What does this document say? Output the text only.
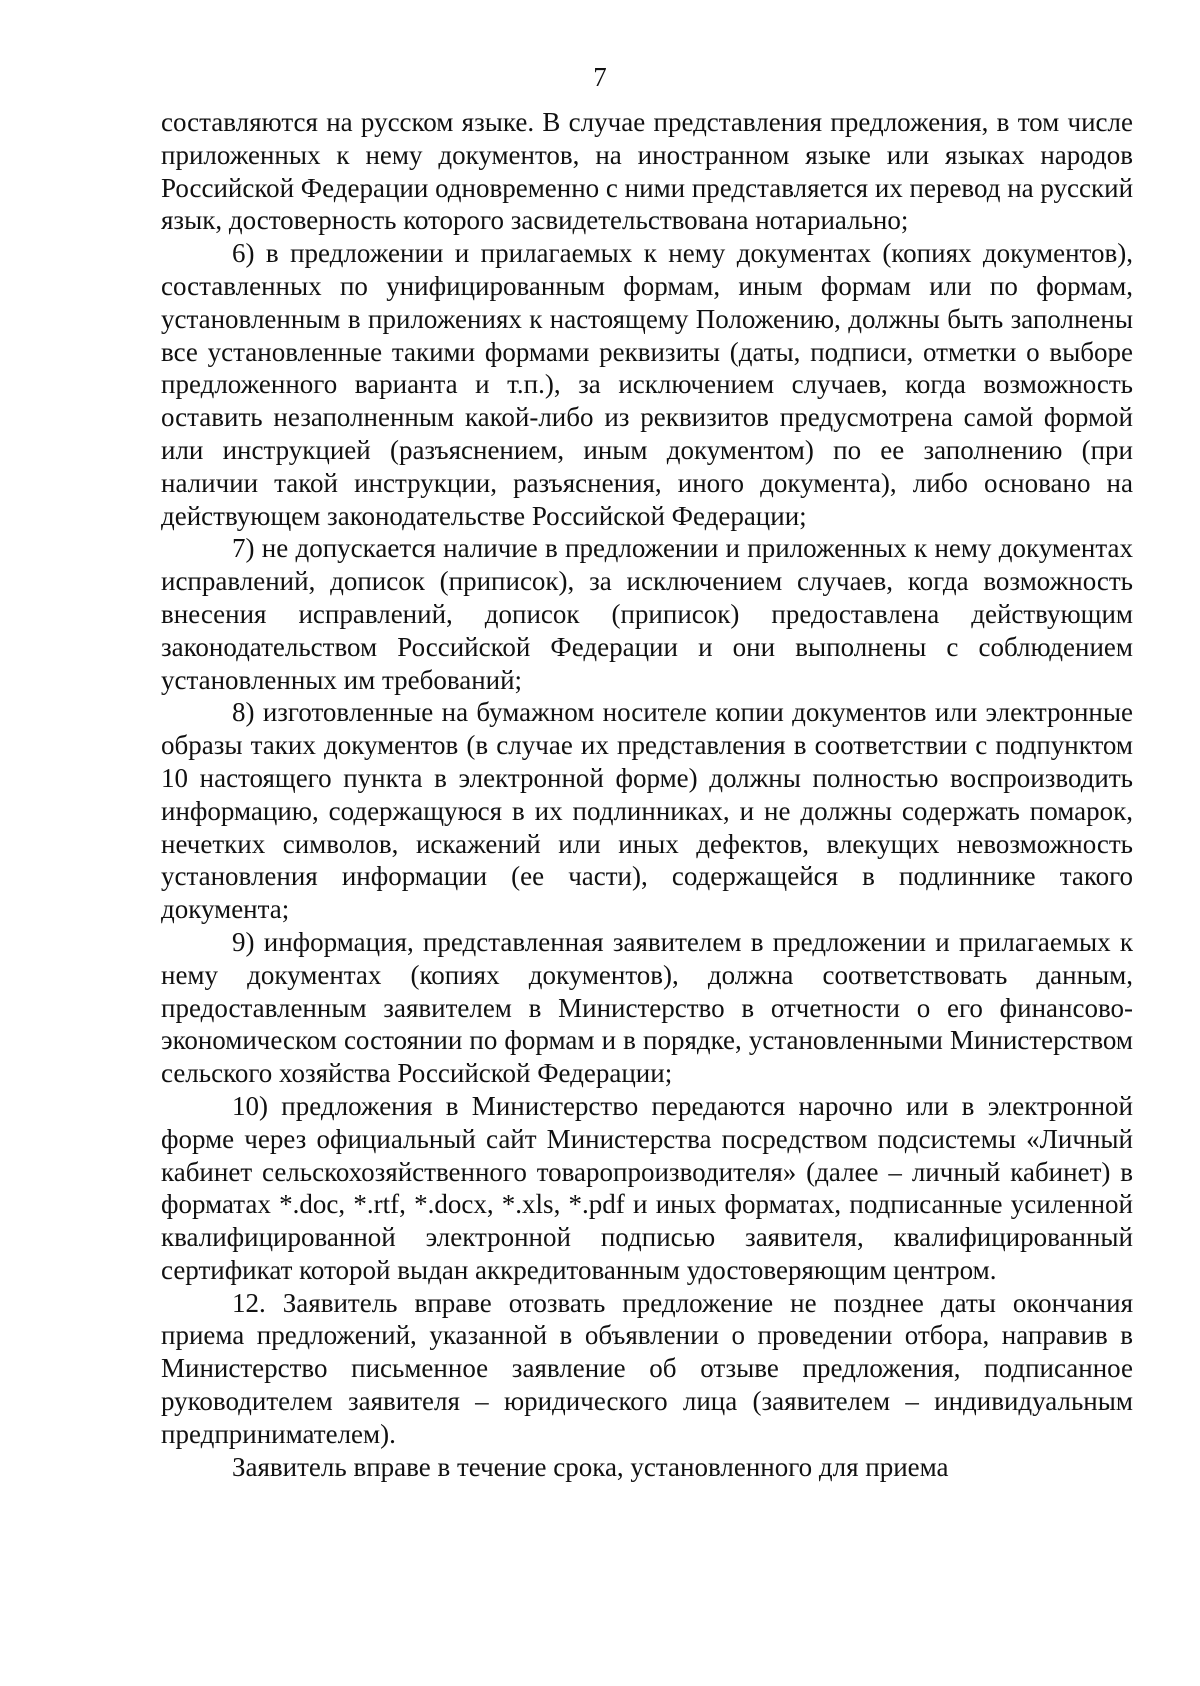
7

составляются на русском языке. В случае представления предложения, в том числе приложенных к нему документов, на иностранном языке или языках народов Российской Федерации одновременно с ними представляется их перевод на русский язык, достоверность которого засвидетельствована нотариально;

6) в предложении и прилагаемых к нему документах (копиях документов), составленных по унифицированным формам, иным формам или по формам, установленным в приложениях к настоящему Положению, должны быть заполнены все установленные такими формами реквизиты (даты, подписи, отметки о выборе предложенного варианта и т.п.), за исключением случаев, когда возможность оставить незаполненным какой-либо из реквизитов предусмотрена самой формой или инструкцией (разъяснением, иным документом) по ее заполнению (при наличии такой инструкции, разъяснения, иного документа), либо основано на действующем законодательстве Российской Федерации;

7) не допускается наличие в предложении и приложенных к нему документах исправлений, дописок (приписок), за исключением случаев, когда возможность внесения исправлений, дописок (приписок) предоставлена действующим законодательством Российской Федерации и они выполнены с соблюдением установленных им требований;

8) изготовленные на бумажном носителе копии документов или электронные образы таких документов (в случае их представления в соответствии с подпунктом 10 настоящего пункта в электронной форме) должны полностью воспроизводить информацию, содержащуюся в их подлинниках, и не должны содержать помарок, нечетких символов, искажений или иных дефектов, влекущих невозможность установления информации (ее части), содержащейся в подлиннике такого документа;

9) информация, представленная заявителем в предложении и прилагаемых к нему документах (копиях документов), должна соответствовать данным, предоставленным заявителем в Министерство в отчетности о его финансово-экономическом состоянии по формам и в порядке, установленными Министерством сельского хозяйства Российской Федерации;

10) предложения в Министерство передаются нарочно или в электронной форме через официальный сайт Министерства посредством подсистемы «Личный кабинет сельскохозяйственного товаропроизводителя» (далее – личный кабинет) в форматах *.doc, *.rtf, *.docx, *.xls, *.pdf и иных форматах, подписанные усиленной квалифицированной электронной подписью заявителя, квалифицированный сертификат которой выдан аккредитованным удостоверяющим центром.

12. Заявитель вправе отозвать предложение не позднее даты окончания приема предложений, указанной в объявлении о проведении отбора, направив в Министерство письменное заявление об отзыве предложения, подписанное руководителем заявителя – юридического лица (заявителем – индивидуальным предпринимателем).

Заявитель вправе в течение срока, установленного для приема
